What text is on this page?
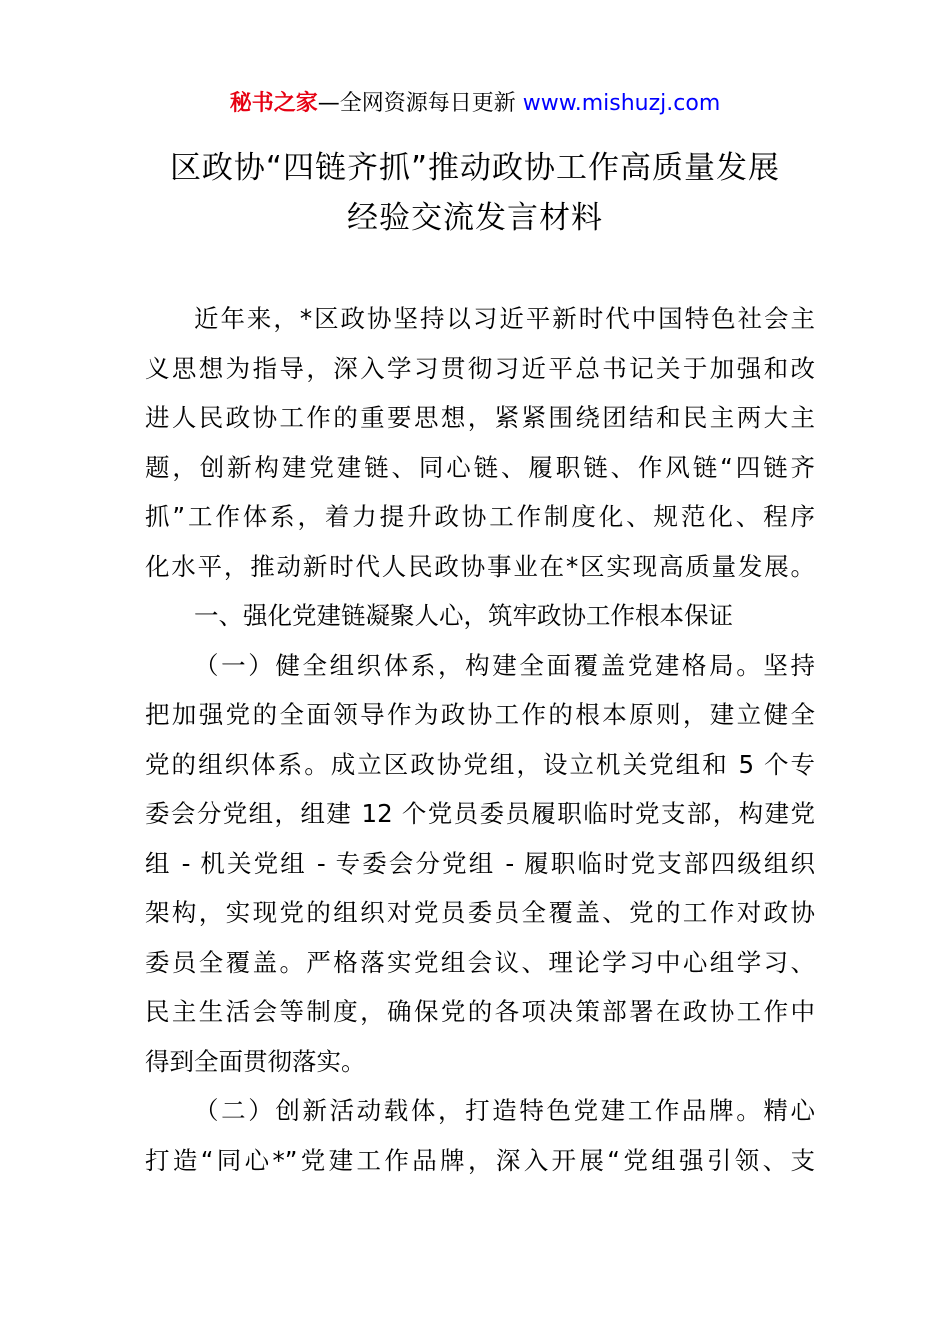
秘书之家—全网资源每日更新 www.mishuzj.com
区政协“四链齐抓”推动政协工作高质量发展
经验交流发言材料
近年来，*区政协坚持以习近平新时代中国特色社会主
义思想为指导，深入学习贯彻习近平总书记关于加强和改
进人民政协工作的重要思想，紧紧围绕团结和民主两大主
题，创新构建党建链、同心链、履职链、作风链“四链齐
抓”工作体系，着力提升政协工作制度化、规范化、程序
化水平，推动新时代人民政协事业在*区实现高质量发展。
一、强化党建链凝聚人心，筑牢政协工作根本保证
（一）健全组织体系，构建全面覆盖党建格局。坚持
把加强党的全面领导作为政协工作的根本原则，建立健全
党的组织体系。成立区政协党组，设立机关党组和 5 个专
委会分党组，组建 12 个党员委员履职临时党支部，构建党
组 - 机关党组 - 专委会分党组 - 履职临时党支部四级组织
架构，实现党的组织对党员委员全覆盖、党的工作对政协
委员全覆盖。严格落实党组会议、理论学习中心组学习、
民主生活会等制度，确保党的各项决策部署在政协工作中
得到全面贯彻落实。
（二）创新活动载体，打造特色党建工作品牌。精心
打造“同心*”党建工作品牌，深入开展“党组强引领、支
